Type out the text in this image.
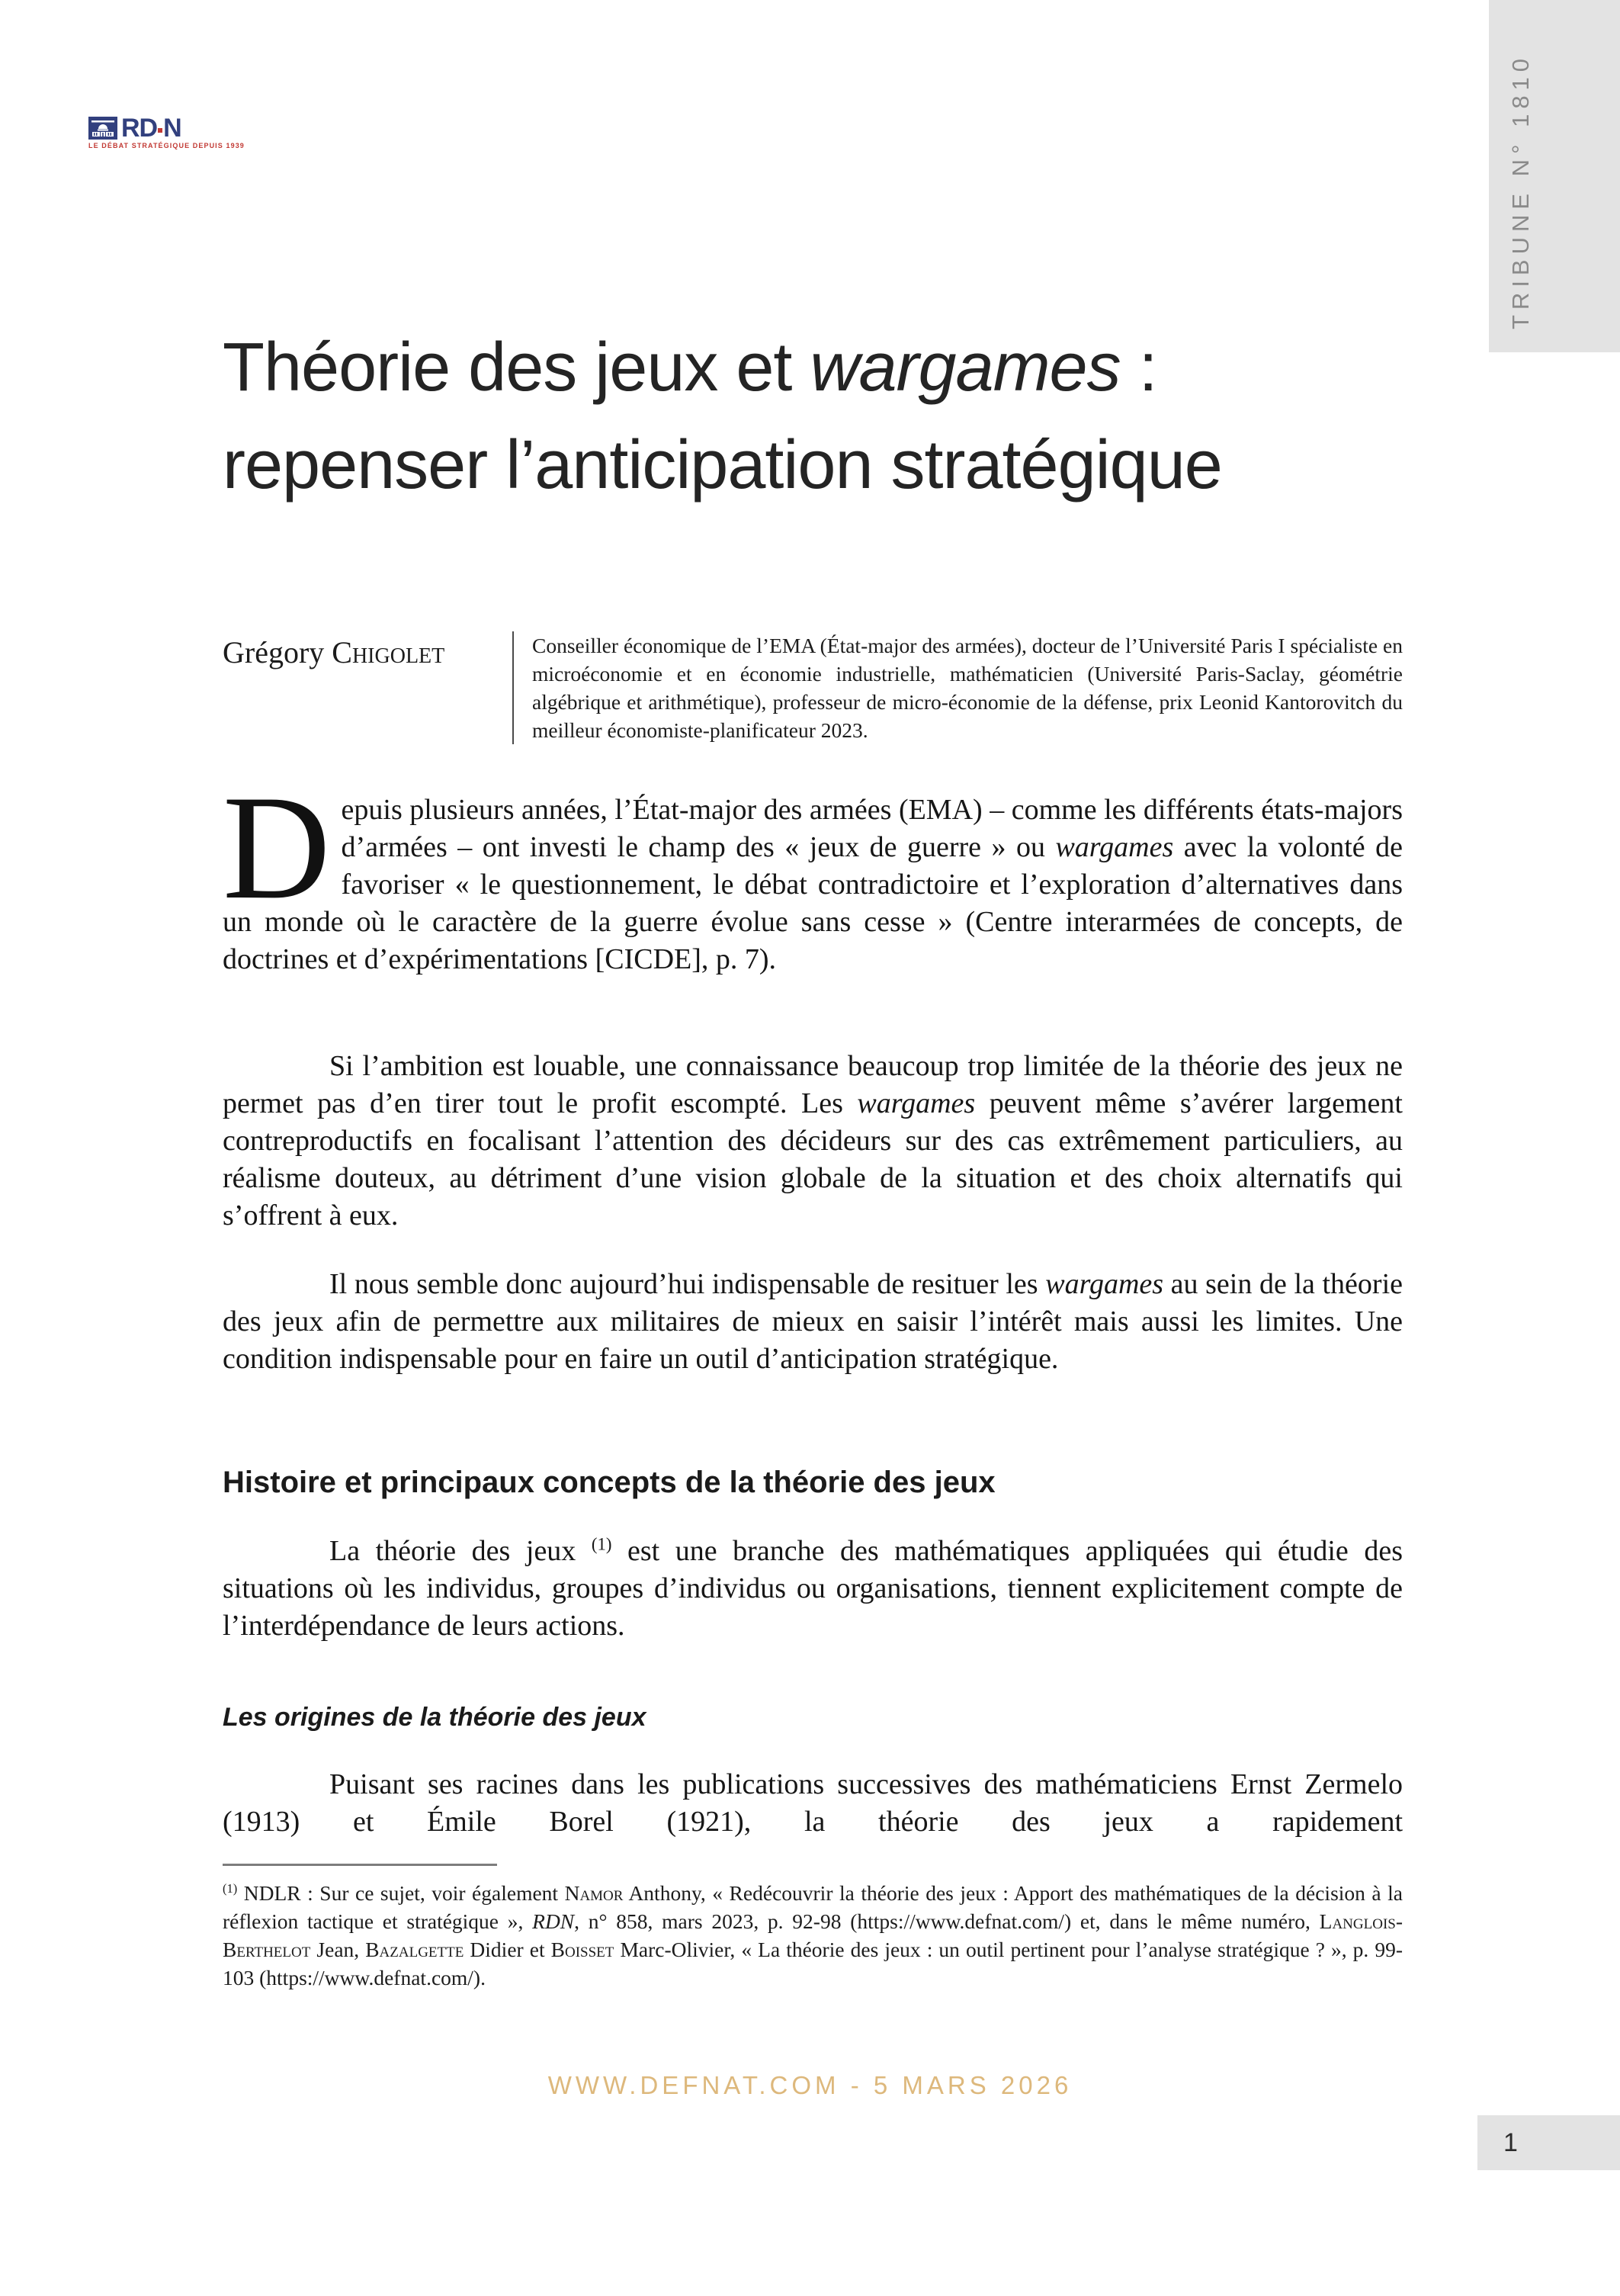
TRIBUNE N° 1810
RD N
LE DÉBAT STRATÉGIQUE DEPUIS 1939
Théorie des jeux et wargames :
repenser l’anticipation stratégique
Grégory Chigolet	Conseiller économique de l’EMA (État-major des armées), docteur de l’Université Paris I spécialiste en microéconomie et en économie industrielle, mathématicien (Université Paris-Saclay, géométrie algébrique et arithmétique), professeur de micro-économie de la défense, prix Leonid Kantorovitch du meilleur économiste-planificateur 2023.

Depuis plusieurs années, l’État-major des armées (EMA) – comme les différents états-majors d’armées – ont investi le champ des « jeux de guerre » ou wargames avec la volonté de favoriser « le questionnement, le débat contradictoire et l’exploration d’alternatives dans un monde où le caractère de la guerre évolue sans cesse » (Centre interarmées de concepts, de doctrines et d’expérimentations [CICDE], p. 7).

Si l’ambition est louable, une connaissance beaucoup trop limitée de la théorie des jeux ne permet pas d’en tirer tout le profit escompté. Les wargames peuvent même s’avérer largement contreproductifs en focalisant l’attention des décideurs sur des cas extrêmement particuliers, au réalisme douteux, au détriment d’une vision globale de la situation et des choix alternatifs qui s’offrent à eux.

Il nous semble donc aujourd’hui indispensable de resituer les wargames au sein de la théorie des jeux afin de permettre aux militaires de mieux en saisir l’intérêt mais aussi les limites. Une condition indispensable pour en faire un outil d’anticipation stratégique.

Histoire et principaux concepts de la théorie des jeux

La théorie des jeux $^{(1)}$ est une branche des mathématiques appliquées qui étudie des situations où les individus, groupes d’individus ou organisations, tiennent explicitement compte de l’interdépendance de leurs actions.

Les origines de la théorie des jeux

Puisant ses racines dans les publications successives des mathématiciens Ernst Zermelo (1913) et Émile Borel (1921), la théorie des jeux a rapidement

$^{(1)}$ NDLR : Sur ce sujet, voir également Namor Anthony, « Redécouvrir la théorie des jeux : Apport des mathématiques de la décision à la réflexion tactique et stratégique », RDN, n° 858, mars 2023, p. 92-98 (https://www.defnat.com/) et, dans le même numéro, Langlois-Berthelot Jean, Bazalgette Didier et Boisset Marc-Olivier, « La théorie des jeux : un outil pertinent pour l’analyse stratégique ? », p. 99-103 (https://www.defnat.com/).

WWW.DEFNAT.COM - 5 MARS 2026
1
